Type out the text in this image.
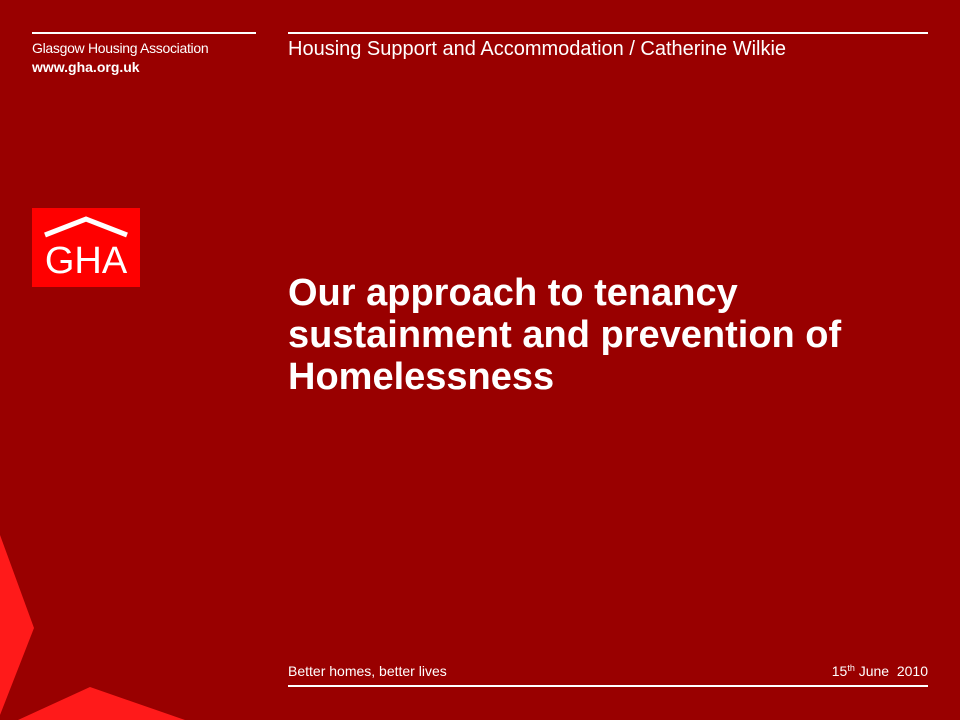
Glasgow Housing Association
www.gha.org.uk
Housing Support and Accommodation / Catherine Wilkie
GHA
Our approach to tenancy sustainment and prevention of Homelessness
Better homes, better lives	15th June  2010
